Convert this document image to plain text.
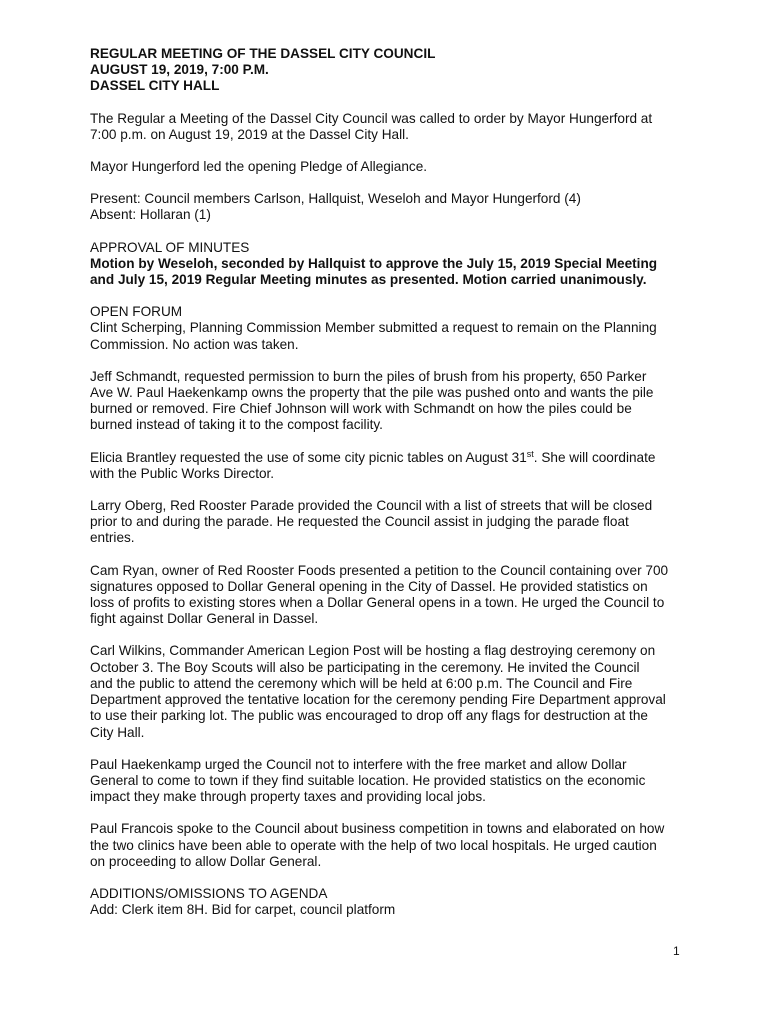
REGULAR MEETING OF THE DASSEL CITY COUNCIL
AUGUST 19, 2019, 7:00 P.M.
DASSEL CITY HALL
The Regular a Meeting of the Dassel City Council was called to order by Mayor Hungerford at
7:00 p.m. on August 19, 2019 at the Dassel City Hall.
Mayor Hungerford led the opening Pledge of Allegiance.
Present: Council members Carlson, Hallquist, Weseloh and Mayor Hungerford (4)
Absent: Hollaran (1)
APPROVAL OF MINUTES
Motion by Weseloh, seconded by Hallquist to approve the July 15, 2019 Special Meeting
and July 15, 2019 Regular Meeting minutes as presented. Motion carried unanimously.
OPEN FORUM
Clint Scherping, Planning Commission Member submitted a request to remain on the Planning
Commission. No action was taken.
Jeff Schmandt, requested permission to burn the piles of brush from his property, 650 Parker
Ave W. Paul Haekenkamp owns the property that the pile was pushed onto and wants the pile
burned or removed. Fire Chief Johnson will work with Schmandt on how the piles could be
burned instead of taking it to the compost facility.
Elicia Brantley requested the use of some city picnic tables on August 31st. She will coordinate
with the Public Works Director.
Larry Oberg, Red Rooster Parade provided the Council with a list of streets that will be closed
prior to and during the parade. He requested the Council assist in judging the parade float
entries.
Cam Ryan, owner of Red Rooster Foods presented a petition to the Council containing over 700
signatures opposed to Dollar General opening in the City of Dassel. He provided statistics on
loss of profits to existing stores when a Dollar General opens in a town. He urged the Council to
fight against Dollar General in Dassel.
Carl Wilkins, Commander American Legion Post will be hosting a flag destroying ceremony on
October 3. The Boy Scouts will also be participating in the ceremony. He invited the Council
and the public to attend the ceremony which will be held at 6:00 p.m. The Council and Fire
Department approved the tentative location for the ceremony pending Fire Department approval
to use their parking lot. The public was encouraged to drop off any flags for destruction at the
City Hall.
Paul Haekenkamp urged the Council not to interfere with the free market and allow Dollar
General to come to town if they find suitable location. He provided statistics on the economic
impact they make through property taxes and providing local jobs.
Paul Francois spoke to the Council about business competition in towns and elaborated on how
the two clinics have been able to operate with the help of two local hospitals. He urged caution
on proceeding to allow Dollar General.
ADDITIONS/OMISSIONS TO AGENDA
Add: Clerk item 8H. Bid for carpet, council platform
1
